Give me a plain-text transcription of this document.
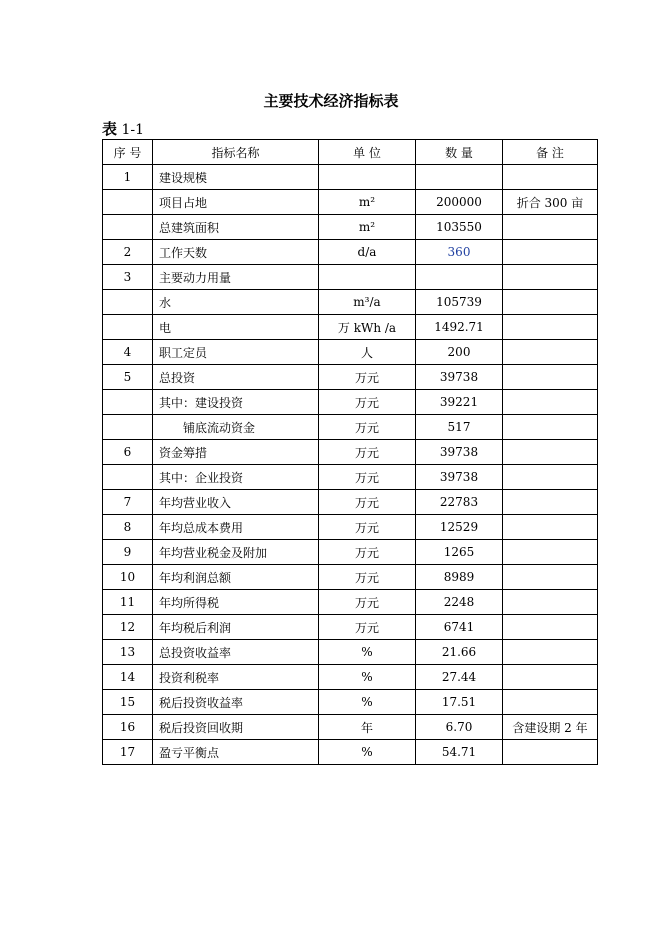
主要技术经济指标表
表 1-1
序 号	指标名称	单 位	数 量	备 注
1	建设规模			
	项目占地	m²	200000	折合 300 亩
	总建筑面积	m²	103550	
2	工作天数	d/a	360	
3	主要动力用量			
	水	m³/a	105739	
	电	万 kWh /a	1492.71	
4	职工定员	人	200	
5	总投资	万元	39738	
	其中：建设投资	万元	39221	
	铺底流动资金	万元	517	
6	资金筹措	万元	39738	
	其中：企业投资	万元	39738	
7	年均营业收入	万元	22783	
8	年均总成本费用	万元	12529	
9	年均营业税金及附加	万元	1265	
10	年均利润总额	万元	8989	
11	年均所得税	万元	2248	
12	年均税后利润	万元	6741	
13	总投资收益率	%	21.66	
14	投资利税率	%	27.44	
15	税后投资收益率	%	17.51	
16	税后投资回收期	年	6.70	含建设期 2 年
17	盈亏平衡点	%	54.71	
